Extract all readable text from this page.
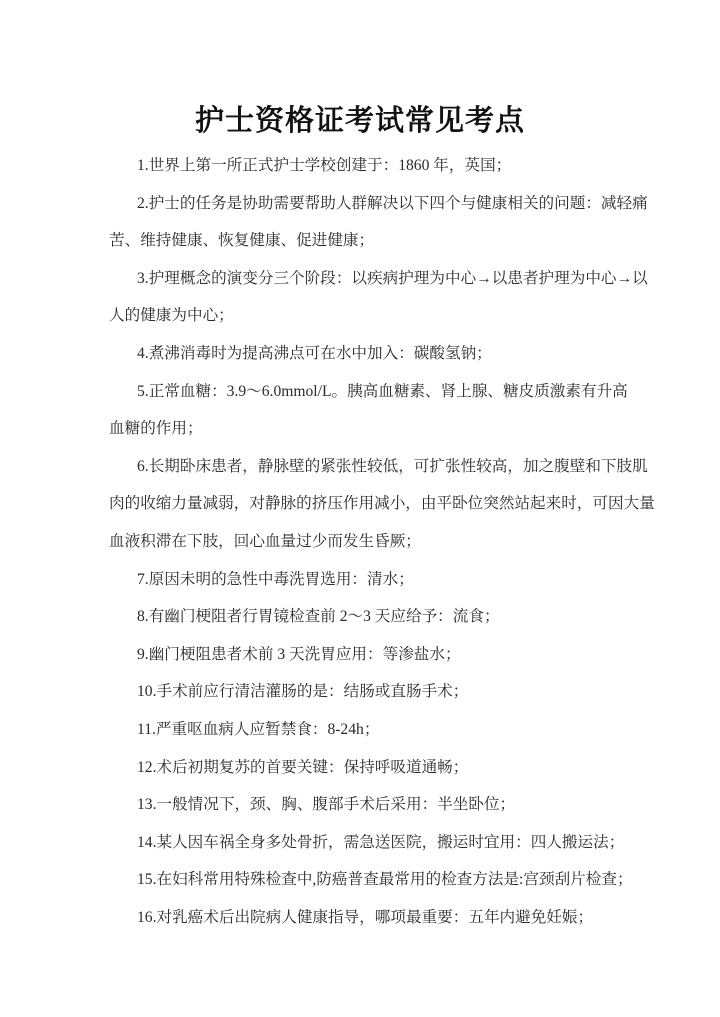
护士资格证考试常见考点
1.世界上第一所正式护士学校创建于：1860 年，英国；
2.护士的任务是协助需要帮助人群解决以下四个与健康相关的问题：减轻痛
苦、维持健康、恢复健康、促进健康；
3.护理概念的演变分三个阶段：以疾病护理为中心→以患者护理为中心→以
人的健康为中心；
4.煮沸消毒时为提高沸点可在水中加入：碳酸氢钠；
5.正常血糖：3.9～6.0mmol/L。胰高血糖素、肾上腺、糖皮质激素有升高
血糖的作用；
6.长期卧床患者，静脉壁的紧张性较低，可扩张性较高，加之腹壁和下肢肌
肉的收缩力量减弱，对静脉的挤压作用减小，由平卧位突然站起来时，可因大量
血液积滞在下肢，回心血量过少而发生昏厥；
7.原因未明的急性中毒洗胃选用：清水；
8.有幽门梗阻者行胃镜检查前 2～3 天应给予：流食；
9.幽门梗阻患者术前 3 天洗胃应用：等渗盐水；
10.手术前应行清洁灌肠的是：结肠或直肠手术；
11.严重呕血病人应暂禁食：8-24h；
12.术后初期复苏的首要关键：保持呼吸道通畅；
13.一般情况下，颈、胸、腹部手术后采用：半坐卧位；
14.某人因车祸全身多处骨折，需急送医院，搬运时宜用：四人搬运法；
15.在妇科常用特殊检查中,防癌普查最常用的检查方法是:宫颈刮片检查；
16.对乳癌术后出院病人健康指导，哪项最重要：五年内避免妊娠；
